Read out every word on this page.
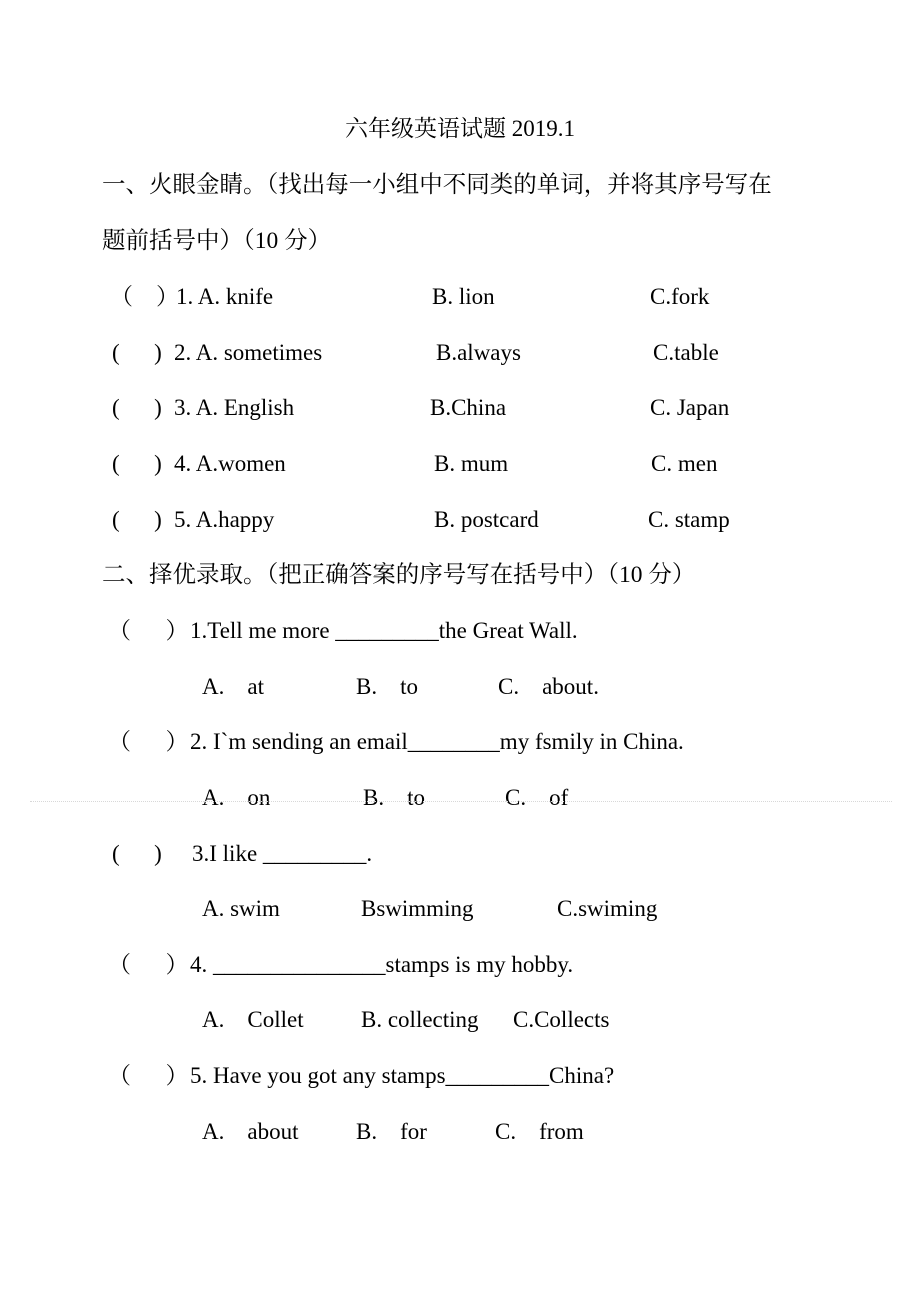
六年级英语试题 2019.1
一、火眼金睛。（找出每一小组中不同类的单词，并将其序号写在
题前括号中）（10 分）
（    ）
1. A. knife	B. lion	C.fork
(      ) 2. A. sometimes	B.always	C.table
(      ) 3. A. English	B.China	C. Japan
(      ) 4. A.women	B. mum	C. men
(      ) 5. A.happy	B. postcard	C. stamp
二、择优录取。（把正确答案的序号写在括号中）（10 分）
（      ） 1.Tell me more _________the Great Wall.
A.    at	B.    to	C.    about.
（      ） 2. I`m sending an email________my fsmily in China.
A.    on	B.    to	C.    of
(      ) 3.I like _________.
A. swim	Bswimming	C.swiming
（      ） 4. _______________stamps is my hobby.
A.    Collet B. collecting C.Collects
（      ） 5. Have you got any stamps_________China?
A.    about	B.    for	C.    from
